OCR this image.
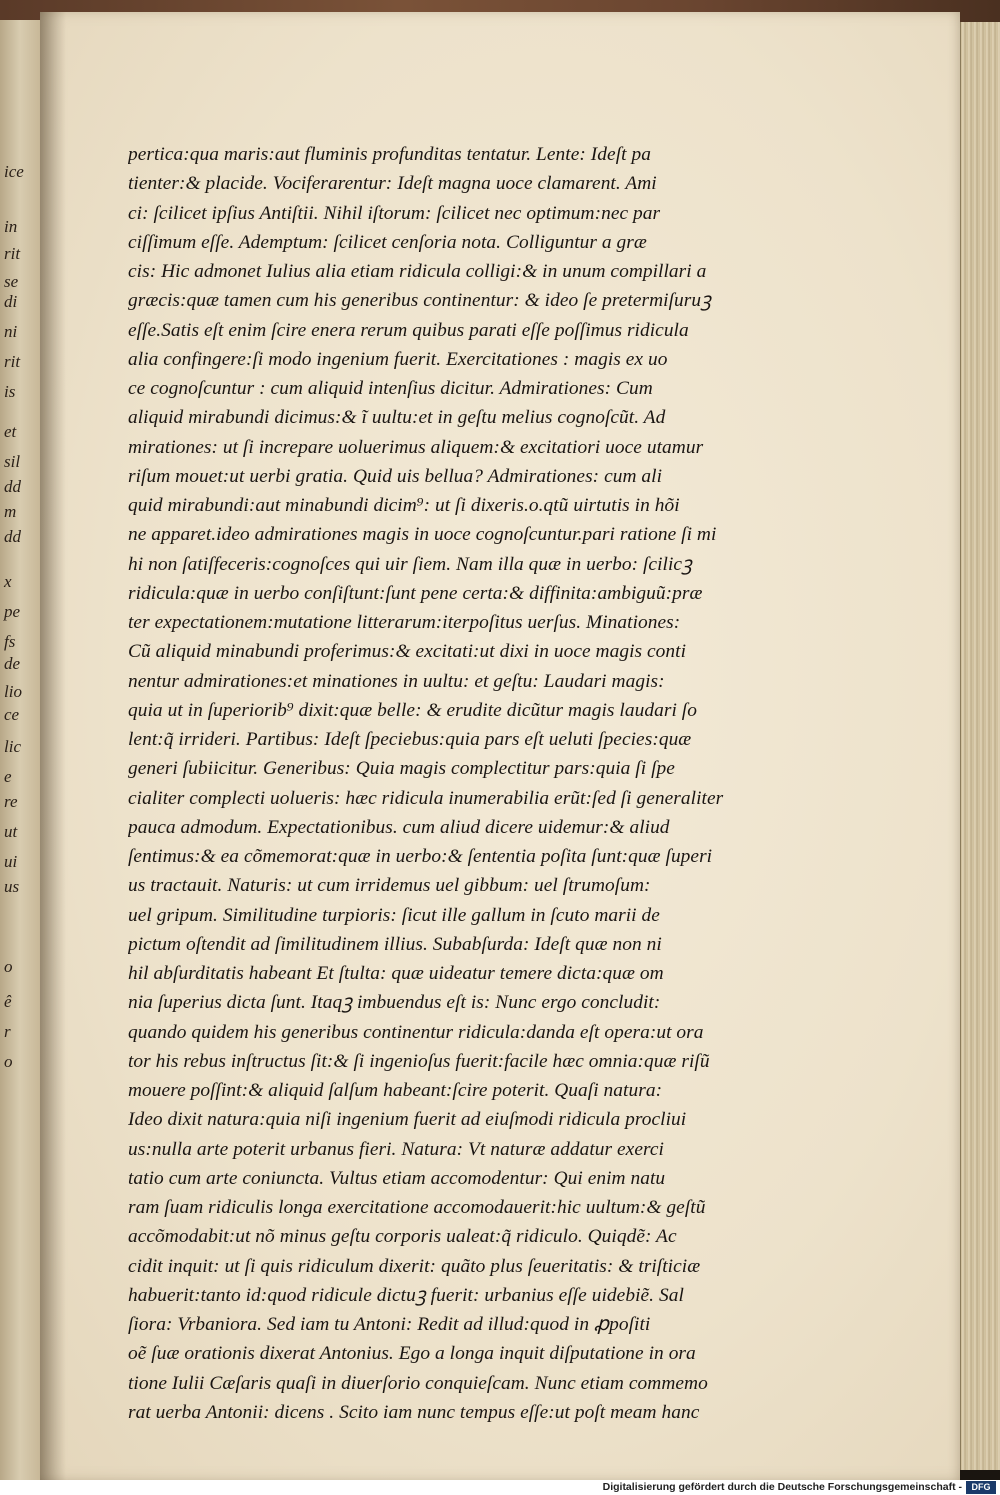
ice
in
rit
se
di
ni
rit
is
et
sil
dd
m
dd
x
pe
fs
de
lio
ce
lic
e
re
ut
ui
us
o
ê
r
o
pertica:qua maris:aut fluminis profunditas tentatur. Lente: Ideſt pa
tienter:& placide. Vociferarentur: Ideſt magna uoce clamarent. Ami
ci: ſcilicet ipſius Antiſtii. Nihil iſtorum: ſcilicet nec optimum:nec par
ciſſimum eſſe. Ademptum: ſcilicet cenſoria nota. Colliguntur a græ
cis: Hic admonet Iulius alia etiam ridicula colligi:& in unum compillari a
græcis:quæ tamen cum his generibus continentur: & ideo ſe pretermiſuruꝫ
eſſe.Satis eſt enim ſcire enera rerum quibus parati eſſe poſſimus ridicula
alia confingere:ſi modo ingenium fuerit. Exercitationes : magis ex uo
ce cognoſcuntur : cum aliquid intenſius dicitur. Admirationes: Cum
aliquid mirabundi dicimus:& ĩ uultu:et in geſtu melius cognoſcũt. Ad
mirationes: ut ſi increpare uoluerimus aliquem:& excitatiori uoce utamur
riſum mouet:ut uerbi gratia. Quid uis bellua? Admirationes: cum ali
quid mirabundi:aut minabundi dicim⁹: ut ſi dixeris.o.qtũ uirtutis in hõi
ne apparet.ideo admirationes magis in uoce cognoſcuntur.pari ratione ſi mi
hi non ſatiſfeceris:cognoſces qui uir ſiem. Nam illa quæ in uerbo: ſcilicꝫ
ridicula:quæ in uerbo conſiſtunt:ſunt pene certa:& diffinita:ambiguũ:præ
ter expectationem:mutatione litterarum:iterpoſitus uerſus. Minationes:
Cũ aliquid minabundi proferimus:& excitati:ut dixi in uoce magis conti
nentur admirationes:et minationes in uultu: et geſtu: Laudari magis:
quia ut in ſuperiorib⁹ dixit:quæ belle: & erudite dicũtur magis laudari ſo
lent:q̃ irrideri. Partibus: Ideſt ſpeciebus:quia pars eſt ueluti ſpecies:quæ
generi ſubiicitur. Generibus: Quia magis complectitur pars:quia ſi ſpe
cialiter complecti uolueris: hæc ridicula inumerabilia erũt:ſed ſi generaliter
pauca admodum. Expectationibus. cum aliud dicere uidemur:& aliud
ſentimus:& ea cõmemorat:quæ in uerbo:& ſententia poſita ſunt:quæ ſuperi
us tractauit. Naturis: ut cum irridemus uel gibbum: uel ſtrumoſum:
uel gripum. Similitudine turpioris: ſicut ille gallum in ſcuto marii de
pictum oſtendit ad ſimilitudinem illius. Subabſurda: Ideſt quæ non ni
hil abſurditatis habeant Et ſtulta: quæ uideatur temere dicta:quæ om
nia ſuperius dicta ſunt. Itaqꝫ imbuendus eſt is: Nunc ergo concludit:
quando quidem his generibus continentur ridicula:danda eſt opera:ut ora
tor his rebus inſtructus ſit:& ſi ingenioſus fuerit:facile hæc omnia:quæ riſũ
mouere poſſint:& aliquid ſalſum habeant:ſcire poterit. Quaſi natura:
Ideo dixit natura:quia niſi ingenium fuerit ad eiuſmodi ridicula procliui
us:nulla arte poterit urbanus fieri. Natura: Vt naturæ addatur exerci
tatio cum arte coniuncta. Vultus etiam accomodentur: Qui enim natu
ram ſuam ridiculis longa exercitatione accomodauerit:hic uultum:& geſtũ
accõmodabit:ut nõ minus geſtu corporis ualeat:q̃ ridiculo. Quiqdẽ: Ac
cidit inquit: ut ſi quis ridiculum dixerit: quãto plus ſeueritatis: & triſticiæ
habuerit:tanto id:quod ridicule dictuꝫ fuerit: urbanius eſſe uidebiẽ. Sal
ſiora: Vrbaniora. Sed iam tu Antoni: Redit ad illud:quod in ꝓpoſiti
oẽ ſuæ orationis dixerat Antonius. Ego a longa inquit diſputatione in ora
tione Iulii Cæſaris quaſi in diuerſorio conquieſcam. Nunc etiam commemo
rat uerba Antonii: dicens . Scito iam nunc tempus eſſe:ut poſt meam hanc
Digitalisierung gefördert durch die Deutsche Forschungsgemeinschaft -	DFG
